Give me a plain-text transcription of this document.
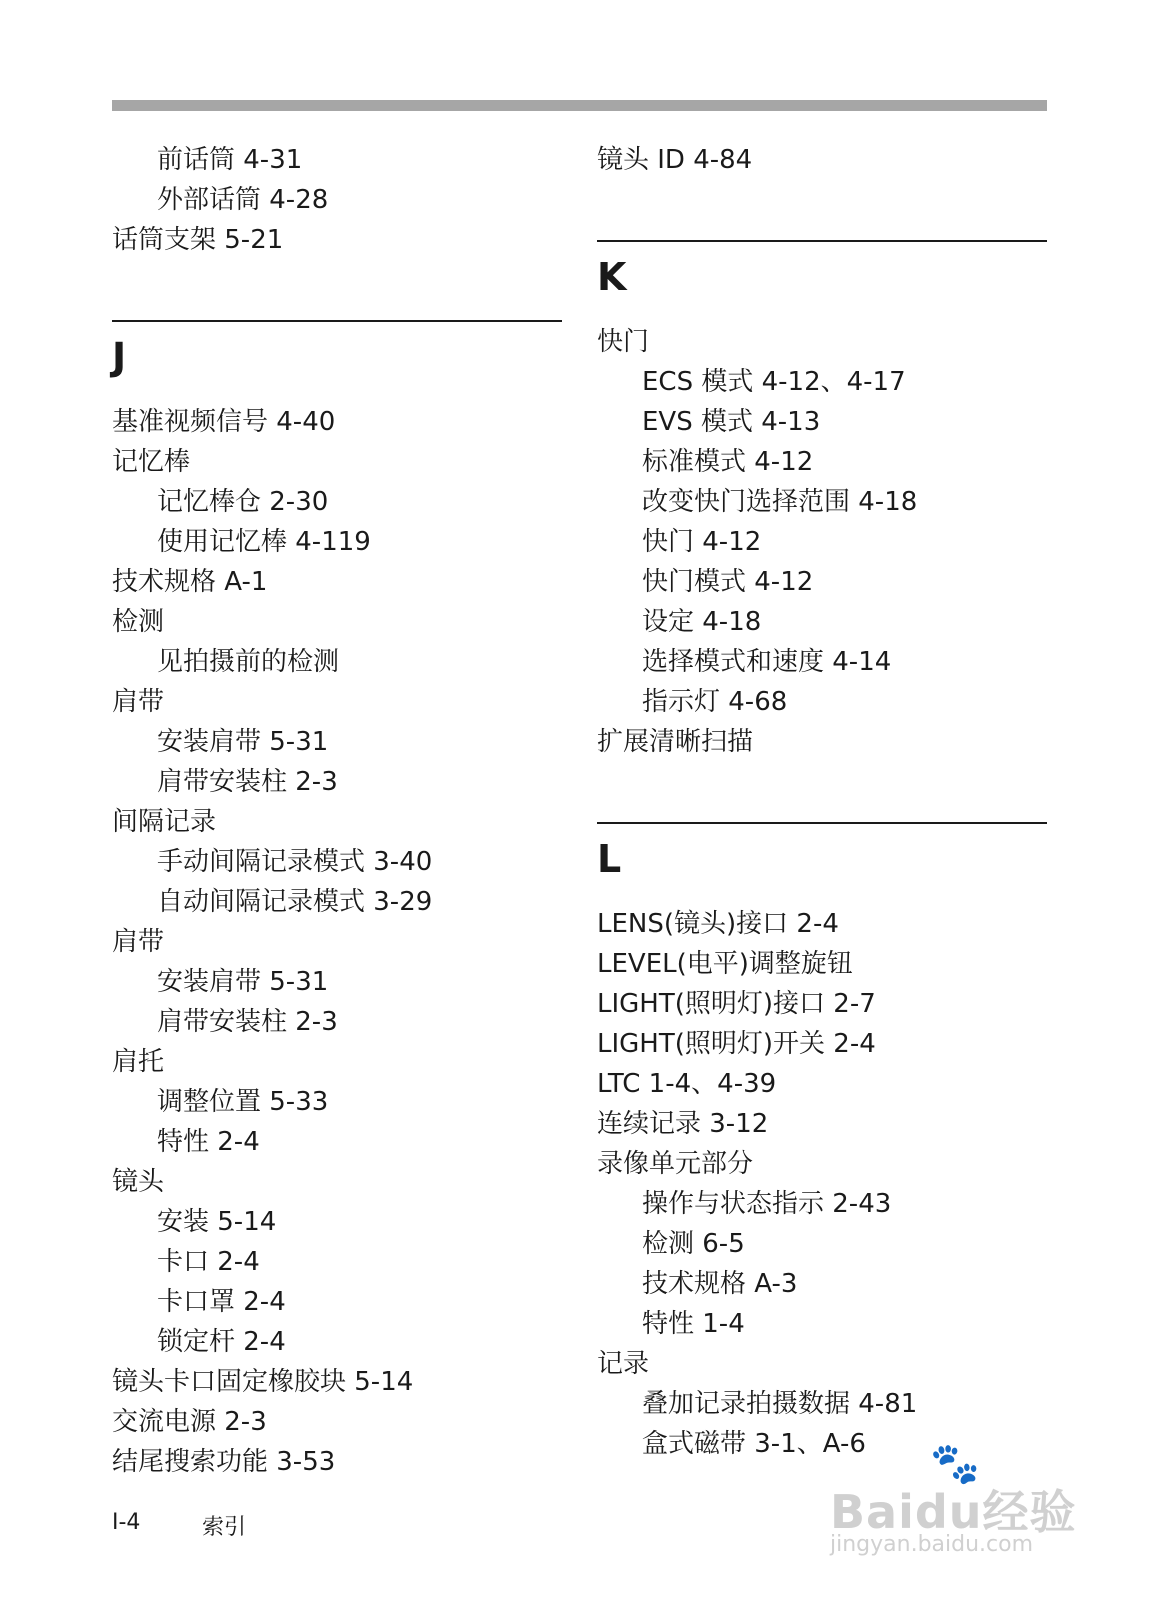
前话筒 4-31
外部话筒 4-28
话筒支架 5-21
J
基准视频信号 4-40
记忆棒
记忆棒仓 2-30
使用记忆棒 4-119
技术规格 A-1
检测
见拍摄前的检测
肩带
安装肩带 5-31
肩带安装柱 2-3
间隔记录
手动间隔记录模式 3-40
自动间隔记录模式 3-29
肩带
安装肩带 5-31
肩带安装柱 2-3
肩托
调整位置 5-33
特性 2-4
镜头
安装 5-14
卡口 2-4
卡口罩 2-4
锁定杆 2-4
镜头卡口固定橡胶块 5-14
交流电源 2-3
结尾搜索功能 3-53
镜头 ID 4-84
K
快门
ECS 模式 4-12、4-17
EVS 模式 4-13
标准模式 4-12
改变快门选择范围 4-18
快门 4-12
快门模式 4-12
设定 4-18
选择模式和速度 4-14
指示灯 4-68
扩展清晰扫描
L
LENS(镜头)接口 2-4
LEVEL(电平)调整旋钮
LIGHT(照明灯)接口 2-7
LIGHT(照明灯)开关 2-4
LTC 1-4、4-39
连续记录 3-12
录像单元部分
操作与状态指示 2-43
检测 6-5
技术规格 A-3
特性 1-4
记录
叠加记录拍摄数据 4-81
盒式磁带 3-1、A-6
I-4	索引
🐾
Baidu经验
jingyan.baidu.com
